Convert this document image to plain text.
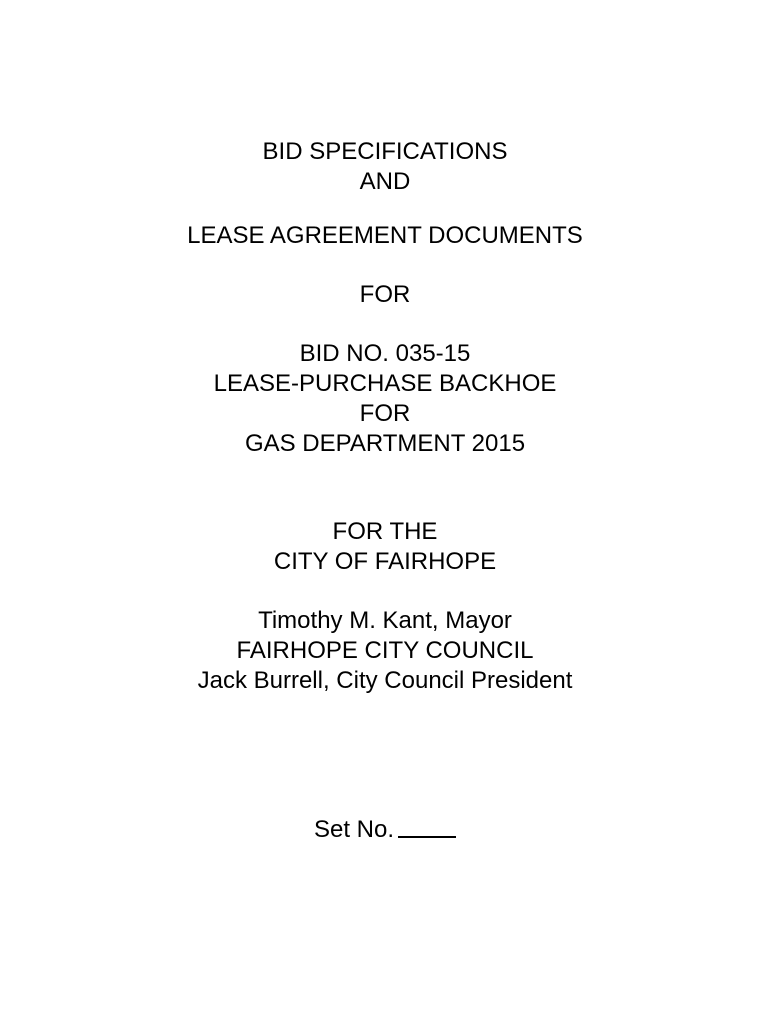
BID SPECIFICATIONS
AND
LEASE AGREEMENT DOCUMENTS
FOR
BID NO. 035-15
LEASE-PURCHASE BACKHOE
FOR
GAS DEPARTMENT 2015
FOR THE
CITY OF FAIRHOPE
Timothy M. Kant, Mayor
FAIRHOPE CITY COUNCIL
Jack Burrell, City Council President
Set No.
